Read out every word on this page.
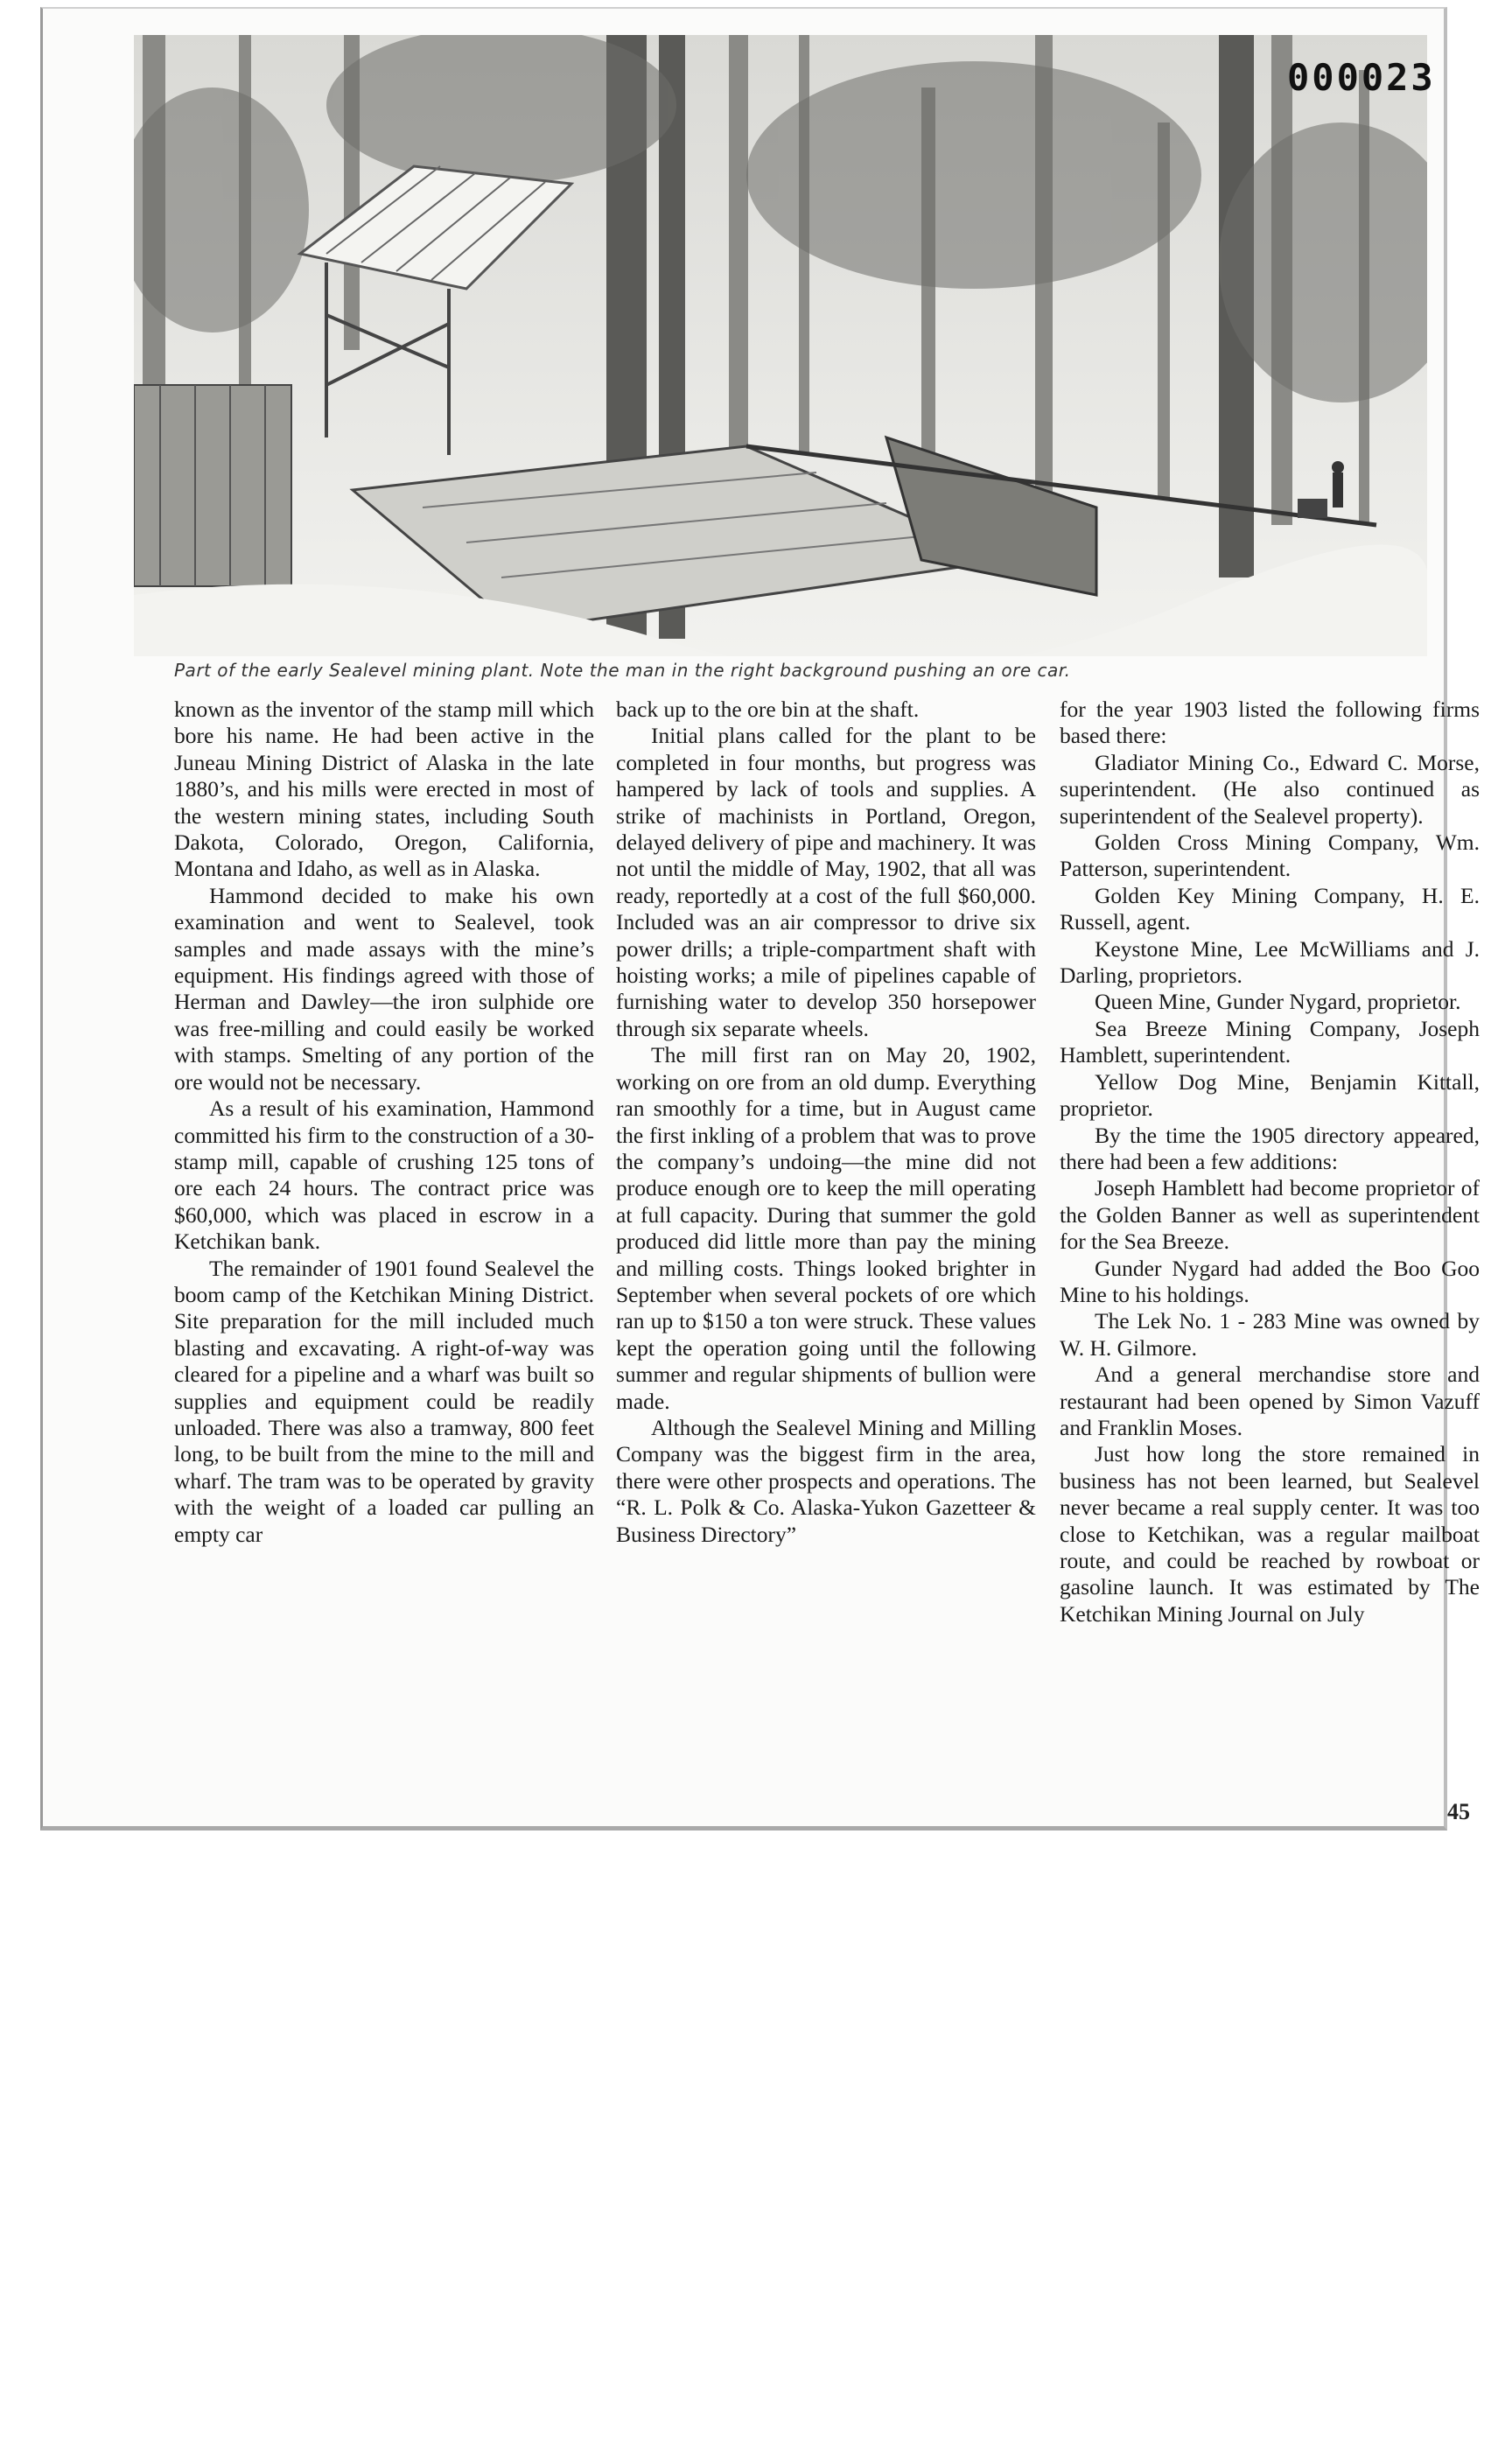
000023
Part of the early Sealevel mining plant. Note the man in the right background pushing an ore car.

known as the inventor of the stamp mill which bore his name. He had been active in the Juneau Mining District of Alaska in the late 1880’s, and his mills were erected in most of the western mining states, including South Dakota, Colorado, Oregon, California, Montana and Idaho, as well as in Alaska.

Hammond decided to make his own examination and went to Sealevel, took samples and made assays with the mine’s equipment. His findings agreed with those of Herman and Dawley—the iron sulphide ore was free-milling and could easily be worked with stamps. Smelting of any portion of the ore would not be necessary.

As a result of his examination, Hammond committed his firm to the construction of a 30-stamp mill, capable of crushing 125 tons of ore each 24 hours. The contract price was $60,000, which was placed in escrow in a Ketchikan bank.

The remainder of 1901 found Sealevel the boom camp of the Ketchikan Mining District. Site preparation for the mill included much blasting and excavating. A right-of-way was cleared for a pipeline and a wharf was built so supplies and equipment could be readily unloaded. There was also a tramway, 800 feet long, to be built from the mine to the mill and wharf. The tram was to be operated by gravity with the weight of a loaded car pulling an empty car

back up to the ore bin at the shaft.

Initial plans called for the plant to be completed in four months, but progress was hampered by lack of tools and supplies. A strike of machinists in Portland, Oregon, delayed delivery of pipe and machinery. It was not until the middle of May, 1902, that all was ready, reportedly at a cost of the full $60,000. Included was an air compressor to drive six power drills; a triple-compartment shaft with hoisting works; a mile of pipelines capable of furnishing water to develop 350 horsepower through six separate wheels.

The mill first ran on May 20, 1902, working on ore from an old dump. Everything ran smoothly for a time, but in August came the first inkling of a problem that was to prove the company’s undoing—the mine did not produce enough ore to keep the mill operating at full capacity. During that summer the gold produced did little more than pay the mining and milling costs. Things looked brighter in September when several pockets of ore which ran up to $150 a ton were struck. These values kept the operation going until the following summer and regular shipments of bullion were made.

Although the Sealevel Mining and Milling Company was the biggest firm in the area, there were other prospects and operations. The “R. L. Polk & Co. Alaska-Yukon Gazetteer & Business Directory”

for the year 1903 listed the following firms based there:

Gladiator Mining Co., Edward C. Morse, superintendent. (He also continued as superintendent of the Sealevel property).

Golden Cross Mining Company, Wm. Patterson, superintendent.

Golden Key Mining Company, H. E. Russell, agent.

Keystone Mine, Lee McWilliams and J. Darling, proprietors.

Queen Mine, Gunder Nygard, proprietor.

Sea Breeze Mining Company, Joseph Hamblett, superintendent.

Yellow Dog Mine, Benjamin Kittall, proprietor.

By the time the 1905 directory appeared, there had been a few additions:

Joseph Hamblett had become proprietor of the Golden Banner as well as superintendent for the Sea Breeze.

Gunder Nygard had added the Boo Goo Mine to his holdings.

The Lek No. 1 - 283 Mine was owned by W. H. Gilmore.

And a general merchandise store and restaurant had been opened by Simon Vazuff and Franklin Moses.

Just how long the store remained in business has not been learned, but Sealevel never became a real supply center. It was too close to Ketchikan, was a regular mailboat route, and could be reached by rowboat or gasoline launch. It was estimated by The Ketchikan Mining Journal on July

45
